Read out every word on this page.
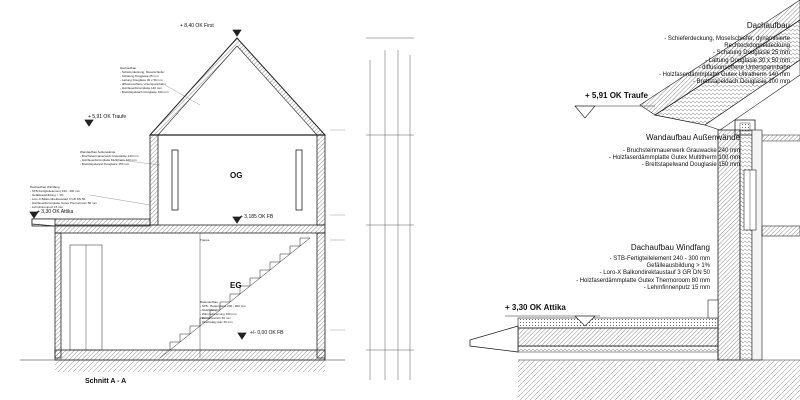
+ 8,40 OK First
+ 5,91 OK Traufe
+ 3,30 OK Attika
+ 3,185 OK FB
+/- 0,00 OK FB
OG
EG
Schnitt A - A
Dachaufbau
- Schieferdeckung, Moselschiefer
- Schalung Douglasie 25 mm
- Lattung Douglasie 30 x 50 mm
- diffusionsoffene Unterspannbahn
- Holzfaserdämmplatte 140 mm
- Brettstapeldach Douglasie 100 mm
Wandaufbau Außenwände
- Bruchsteinmauerwerk Grauwacke 240 mm
- Holzfaserdämmplatte Multitherm 100 mm
- Brettstapelwand Douglasie 150 mm
Dachaufbau Windfang
- STB-Fertigteilelement 240 - 300 mm
- Gefälleausbildung > 1%
- Loro-X Balkondirektaustauf 3 GR DN 50
- Holzfaserdämmplatte Gutex Thermoroom 80 mm
- Lehmfinnenputz 15 mm
Treppe
Bodenaufbau
- STB - Bodenplatte 200 - 300 mm
- Abdichtung
- Wärmedämmung 100 mm
- Zementestrich 60 mm
- Oberbelag Holz 15 mm
Dachaufbau
- Schieferdeckung, Moselschiefer, dynamisierte
Rechteckdoppeldeckung
- Schalung Douglasie 25 mm
- Lattung Douglasie 30 x 50 mm
- diffusionsoffene Unterspannbahn
- Holzfaserdämmplatte Gutex Ultratherm 140 mm
- Brettstapeldach Douglasie 100 mm
+ 5,91 OK Traufe
Wandaufbau Außenwände
- Bruchsteinmauerwerk Grauwacke 240 mm
- Holzfaserdämmplatte Gutex Multitherm 100 mm
- Brettstapelwand Douglasie 150 mm
Dachaufbau Windfang
- STB-Fertigteilelement 240 - 300 mm
Gefälleausbildung > 1%
- Loro-X Balkondirektaustauf 3 GR DN 50
- Holzfaserdämmplatte Gutex Thermoroom 80 mm
- Lehmfinnenputz 15 mm
+ 3,30 OK Attika
